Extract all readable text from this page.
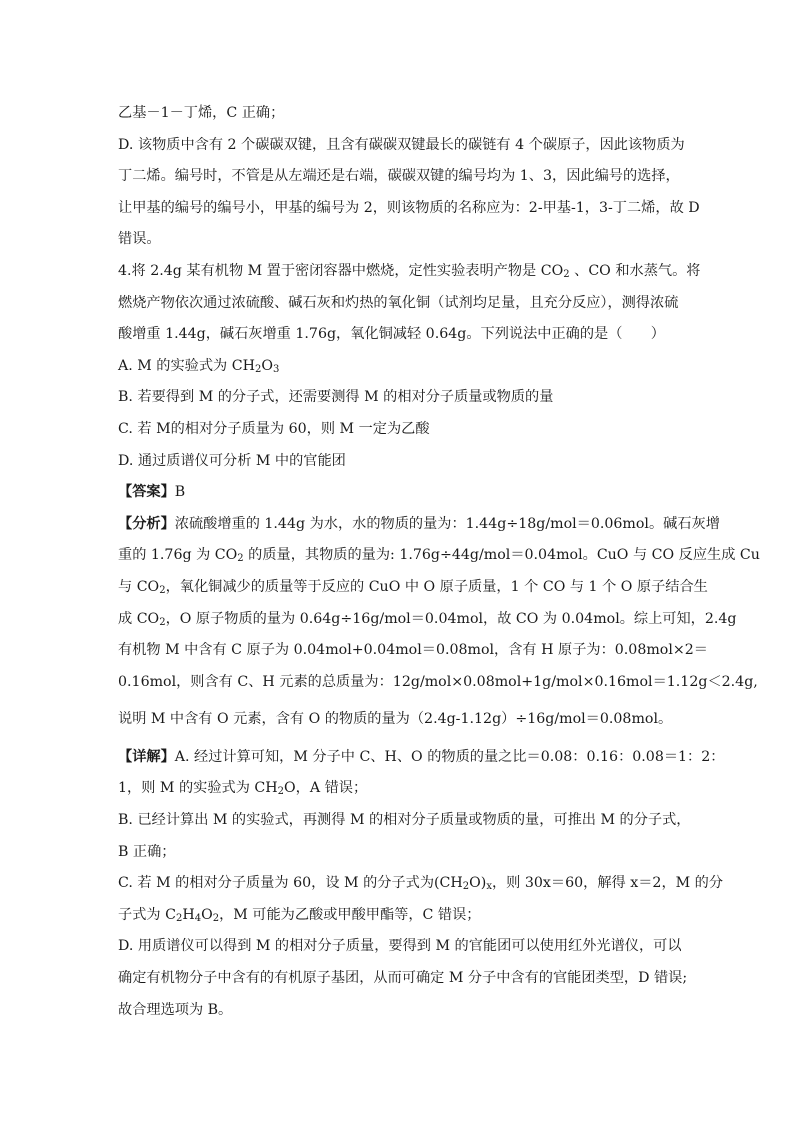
乙基－1－丁烯，C 正确；
D. 该物质中含有 2 个碳碳双键，且含有碳碳双键最长的碳链有 4 个碳原子，因此该物质为
丁二烯。编号时，不管是从左端还是右端，碳碳双键的编号均为 1、3，因此编号的选择，
让甲基的编号的编号小，甲基的编号为 2，则该物质的名称应为：2-甲基-1，3-丁二烯，故 D
错误。
4.将 2.4g 某有机物 M 置于密闭容器中燃烧，定性实验表明产物是 $CO_2$ 、CO 和水蒸气。将
燃烧产物依次通过浓硫酸、碱石灰和灼热的氧化铜（试剂均足量，且充分反应），测得浓硫
酸增重 1.44g，碱石灰增重 1.76g，氧化铜减轻 0.64g。下列说法中正确的是（　　）
A. M 的实验式为 $CH_2O_3$
B. 若要得到 M 的分子式，还需要测得 M 的相对分子质量或物质的量
C. 若 M的相对分子质量为 60，则 M 一定为乙酸
D. 通过质谱仪可分析 M 中的官能团
【答案】B
【分析】浓硫酸增重的 1.44g 为水，水的物质的量为：1.44g÷18g/mol＝0.06mol。碱石灰增
重的 1.76g 为 $CO_2$ 的质量，其物质的量为: 1.76g÷44g/mol＝0.04mol。CuO 与 CO 反应生成 Cu
与 $CO_2$，氧化铜减少的质量等于反应的 CuO 中 O 原子质量，1 个 CO 与 1 个 O 原子结合生
成 $CO_2$，O 原子物质的量为 0.64g÷16g/mol＝0.04mol，故 CO 为 0.04mol。综上可知，2.4g
有机物 M 中含有 C 原子为 0.04mol+0.04mol＝0.08mol，含有 H 原子为：0.08mol×2＝
0.16mol，则含有 C、H 元素的总质量为：12g/mol×0.08mol+1g/mol×0.16mol＝1.12g＜2.4g,
说明 M 中含有 O 元素，含有 O 的物质的量为（2.4g-1.12g）÷16g/mol＝0.08mol。
【详解】A. 经过计算可知，M 分子中 C、H、O 的物质的量之比＝0.08：0.16：0.08＝1：2：
1，则 M 的实验式为 $CH_2O$，A 错误；
B. 已经计算出 M 的实验式，再测得 M 的相对分子质量或物质的量，可推出 M 的分子式，
B 正确；
C. 若 M 的相对分子质量为 60，设 M 的分子式为$(CH_2O)_x$，则 30x＝60，解得 x＝2，M 的分
子式为 $C_2H_4O_2$，M 可能为乙酸或甲酸甲酯等，C 错误；
D. 用质谱仪可以得到 M 的相对分子质量，要得到 M 的官能团可以使用红外光谱仪，可以
确定有机物分子中含有的有机原子基团，从而可确定 M 分子中含有的官能团类型，D 错误;
故合理选项为 B。
